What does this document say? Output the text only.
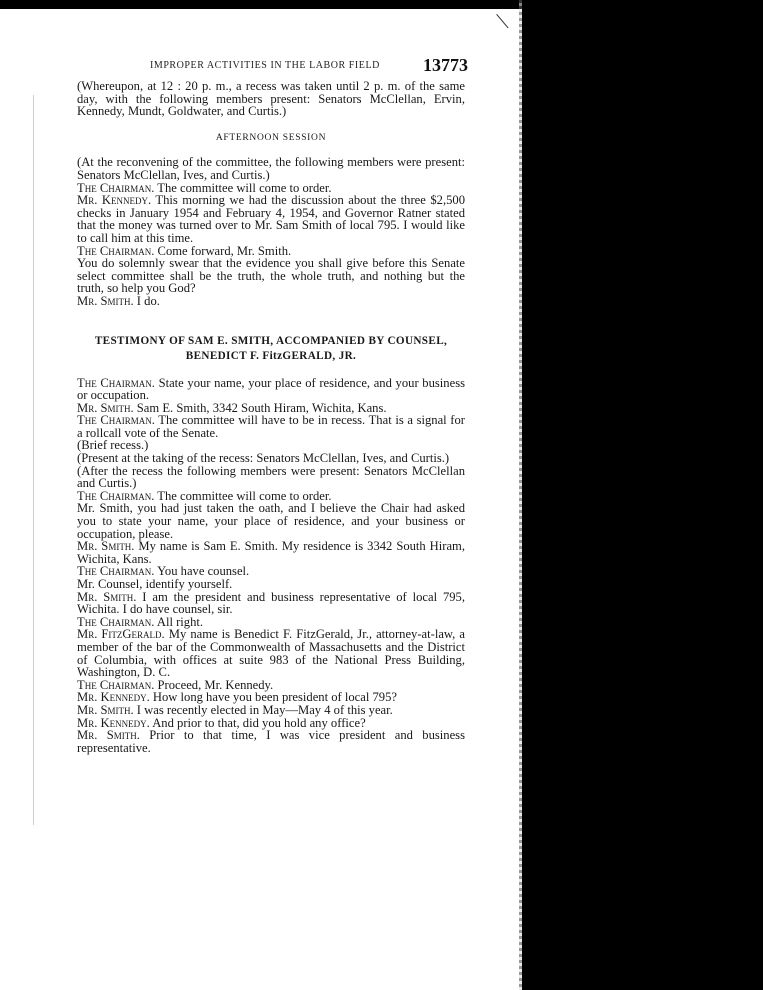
IMPROPER ACTIVITIES IN THE LABOR FIELD 13773

(Whereupon, at 12 : 20 p. m., a recess was taken until 2 p. m. of the same day, with the following members present: Senators McClellan, Ervin, Kennedy, Mundt, Goldwater, and Curtis.)

AFTERNOON SESSION

(At the reconvening of the committee, the following members were present: Senators McClellan, Ives, and Curtis.)

The Chairman. The committee will come to order.

Mr. Kennedy. This morning we had the discussion about the three $2,500 checks in January 1954 and February 4, 1954, and Governor Ratner stated that the money was turned over to Mr. Sam Smith of local 795. I would like to call him at this time.

The Chairman. Come forward, Mr. Smith.

You do solemnly swear that the evidence you shall give before this Senate select committee shall be the truth, the whole truth, and nothing but the truth, so help you God?

Mr. Smith. I do.

TESTIMONY OF SAM E. SMITH, ACCOMPANIED BY COUNSEL,
BENEDICT F. FitzGERALD, JR.

The Chairman. State your name, your place of residence, and your business or occupation.

Mr. Smith. Sam E. Smith, 3342 South Hiram, Wichita, Kans.

The Chairman. The committee will have to be in recess. That is a signal for a rollcall vote of the Senate.

(Brief recess.)

(Present at the taking of the recess: Senators McClellan, Ives, and Curtis.)

(After the recess the following members were present: Senators McClellan and Curtis.)

The Chairman. The committee will come to order.

Mr. Smith, you had just taken the oath, and I believe the Chair had asked you to state your name, your place of residence, and your business or occupation, please.

Mr. Smith. My name is Sam E. Smith. My residence is 3342 South Hiram, Wichita, Kans.

The Chairman. You have counsel.

Mr. Counsel, identify yourself.

Mr. Smith. I am the president and business representative of local 795, Wichita. I do have counsel, sir.

The Chairman. All right.

Mr. FitzGerald. My name is Benedict F. FitzGerald, Jr., attorney-at-law, a member of the bar of the Commonwealth of Massachusetts and the District of Columbia, with offices at suite 983 of the National Press Building, Washington, D. C.

The Chairman. Proceed, Mr. Kennedy.

Mr. Kennedy. How long have you been president of local 795?

Mr. Smith. I was recently elected in May—May 4 of this year.

Mr. Kennedy. And prior to that, did you hold any office?

Mr. Smith. Prior to that time, I was vice president and business representative.
